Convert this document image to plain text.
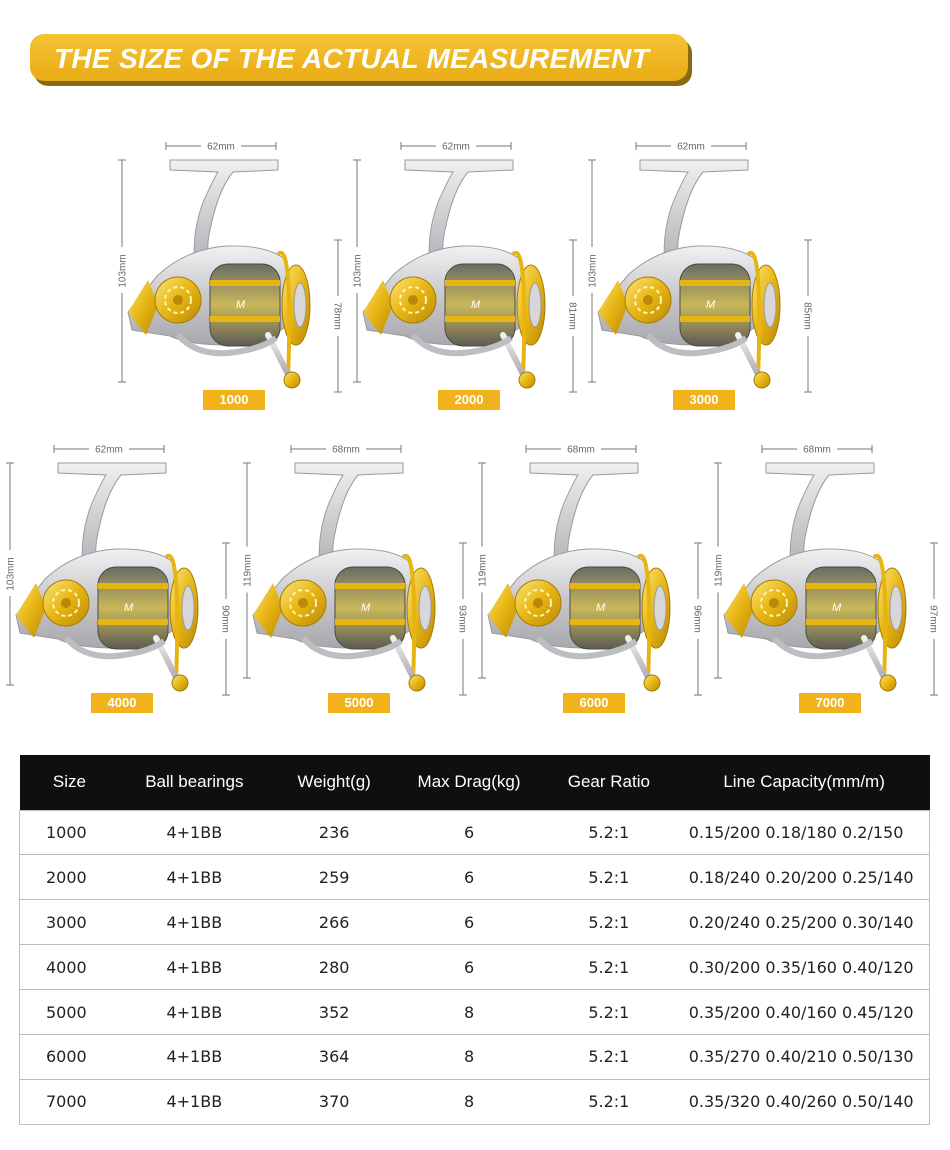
THE SIZE OF THE ACTUAL MEASUREMENT
M
62mm
103mm
78mm
1000
M
62mm
103mm
81mm
2000
M
62mm
103mm
85mm
3000
M
62mm
103mm
90mm
4000
M
68mm
119mm
93mm
5000
M
68mm
119mm
96mm
6000
M
68mm
119mm
97mm
7000
Size	Ball bearings	Weight(g)	Max Drag(kg)	Gear Ratio	Line Capacity(mm/m)
1000	4+1BB	236	6	5.2:1	0.15/200 0.18/180 0.2/150
2000	4+1BB	259	6	5.2:1	0.18/240 0.20/200 0.25/140
3000	4+1BB	266	6	5.2:1	0.20/240 0.25/200 0.30/140
4000	4+1BB	280	6	5.2:1	0.30/200 0.35/160 0.40/120
5000	4+1BB	352	8	5.2:1	0.35/200 0.40/160 0.45/120
6000	4+1BB	364	8	5.2:1	0.35/270 0.40/210 0.50/130
7000	4+1BB	370	8	5.2:1	0.35/320 0.40/260 0.50/140
